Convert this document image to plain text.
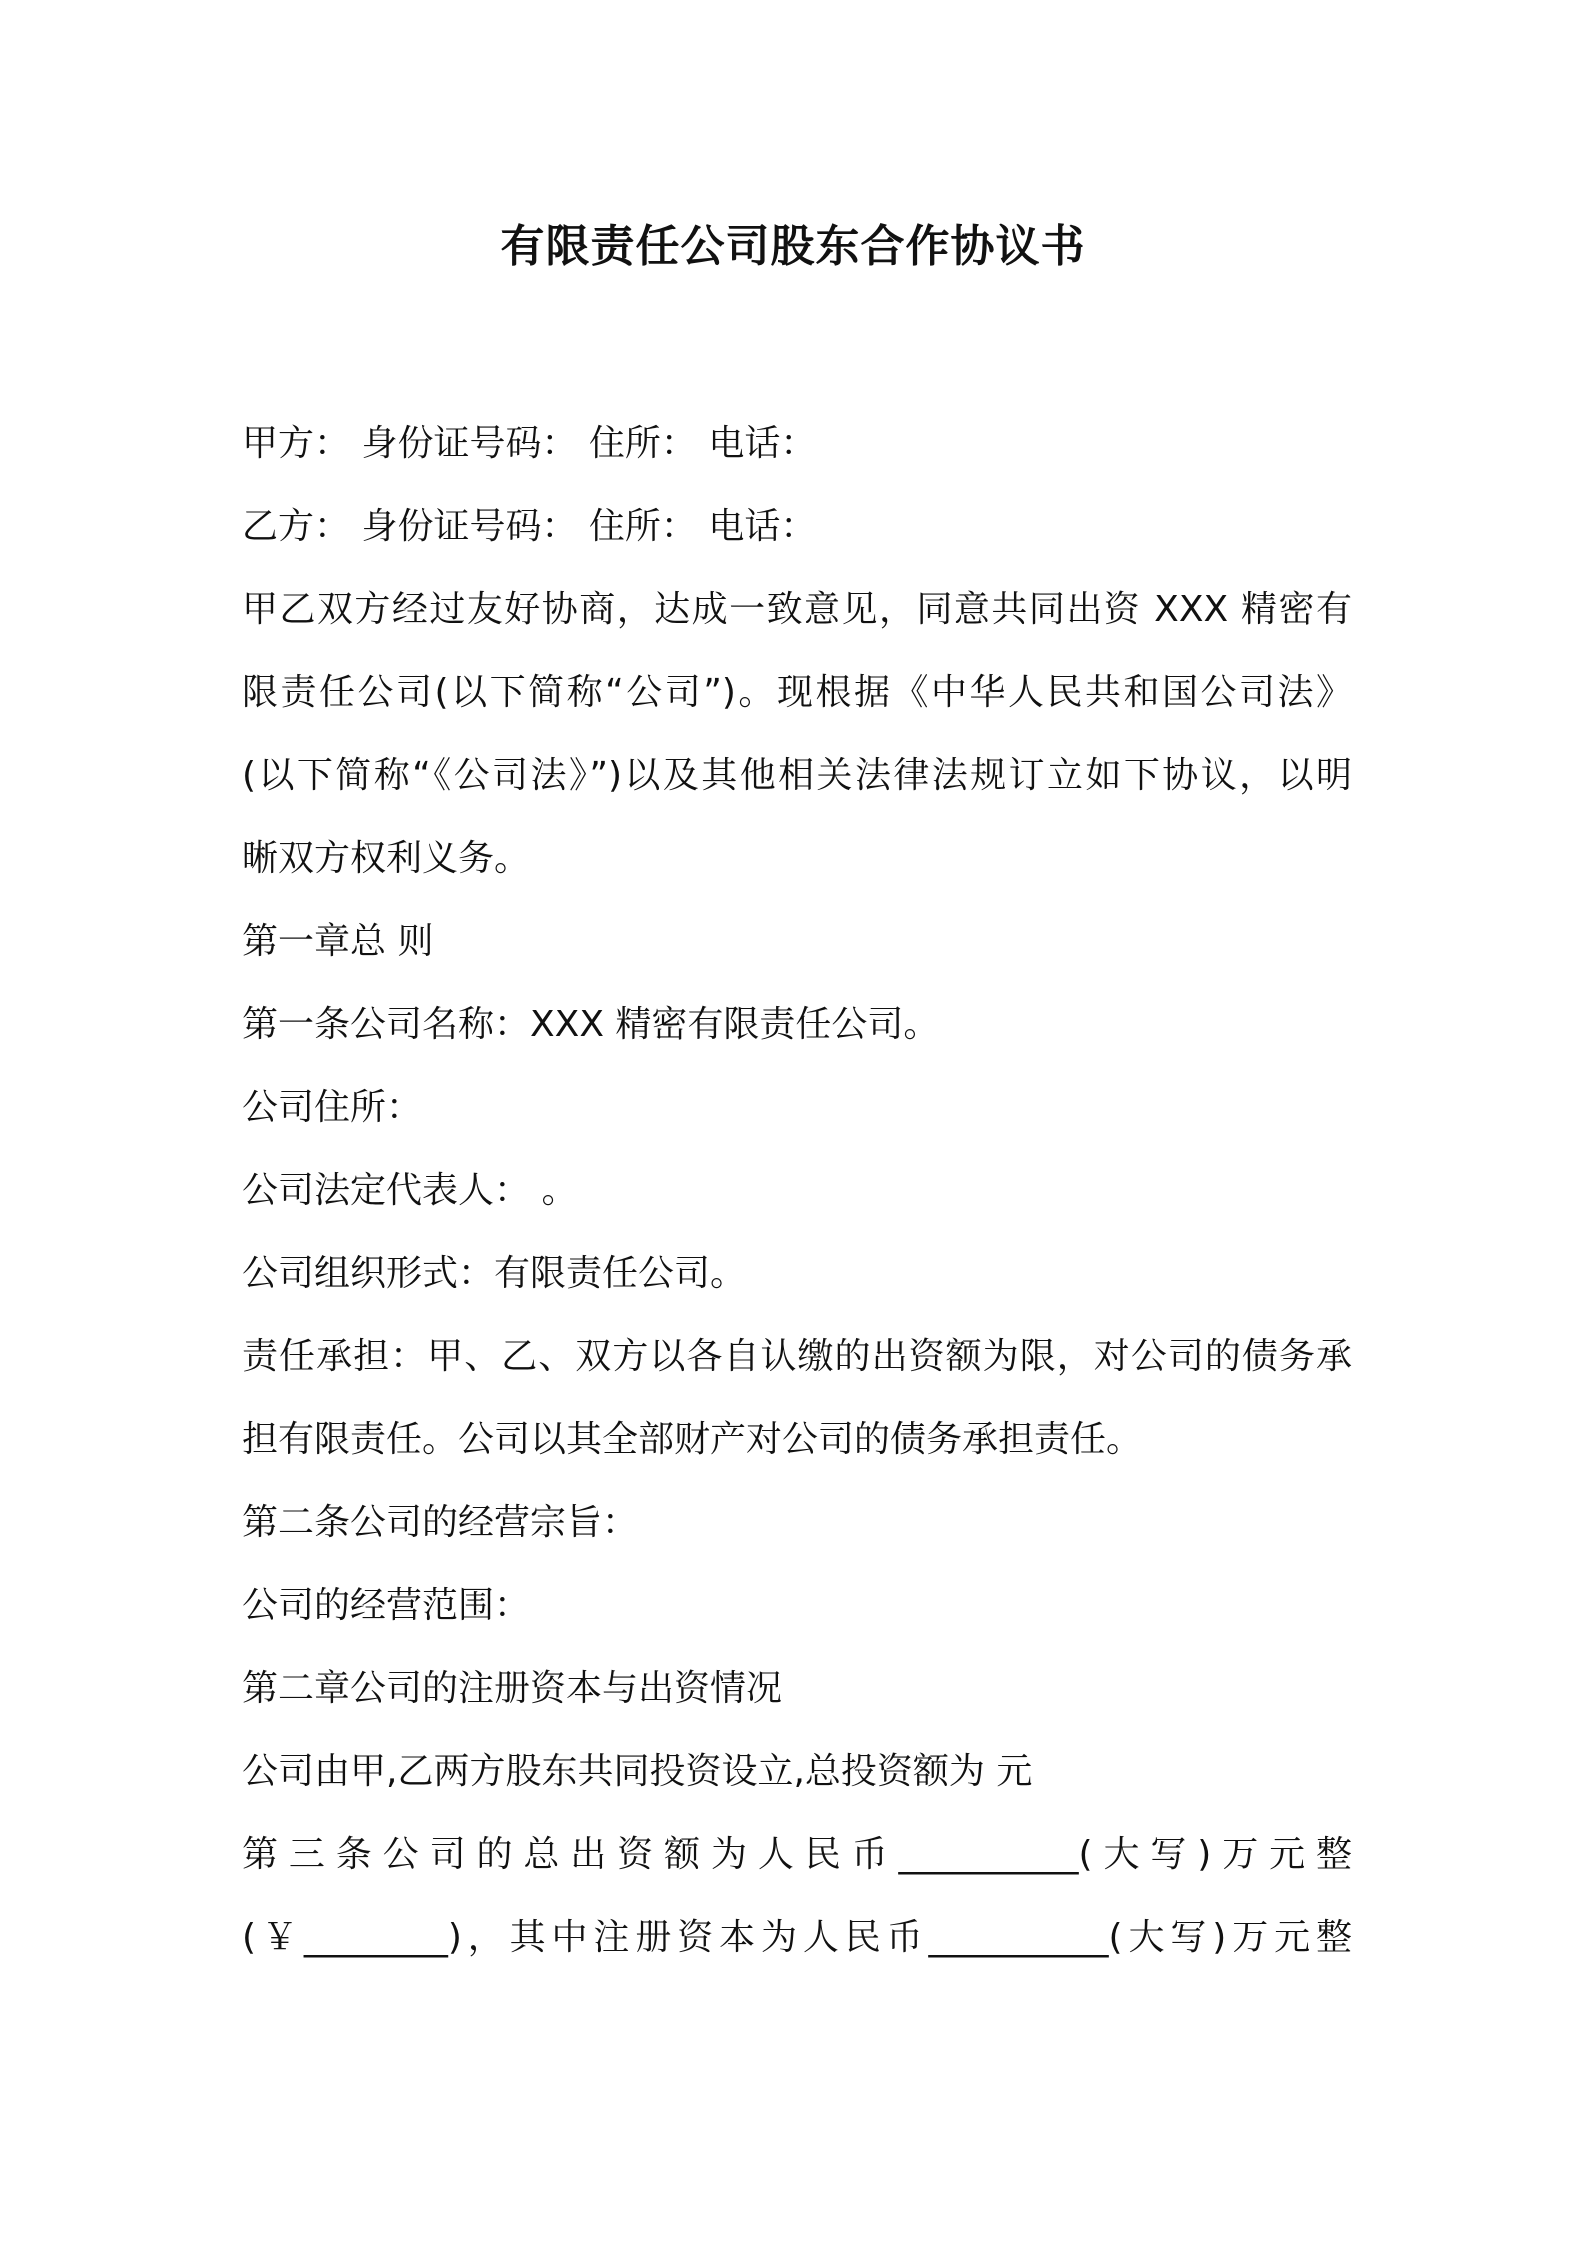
有限责任公司股东合作协议书
甲方： 身份证号码： 住所： 电话：
乙方： 身份证号码： 住所： 电话：
甲乙双方经过友好协商，达成一致意见，同意共同出资 XXX 精密有
限责任公司(以下简称“公司”)。现根据《中华人民共和国公司法》
(以下简称“《公司法》”)以及其他相关法律法规订立如下协议，以明
晰双方权利义务。
第一章总 则
第一条公司名称：XXX 精密有限责任公司。
公司住所：
公司法定代表人： 。
公司组织形式：有限责任公司。
责任承担：甲、乙、双方以各自认缴的出资额为限，对公司的债务承
担有限责任。公司以其全部财产对公司的债务承担责任。
第二条公司的经营宗旨：
公司的经营范围：
第二章公司的注册资本与出资情况
公司由甲,乙两方股东共同投资设立,总投资额为 元
第三条公司的总出资额为人民币__________(大写)万元整
(￥________)，其中注册资本为人民币__________(大写)万元整
